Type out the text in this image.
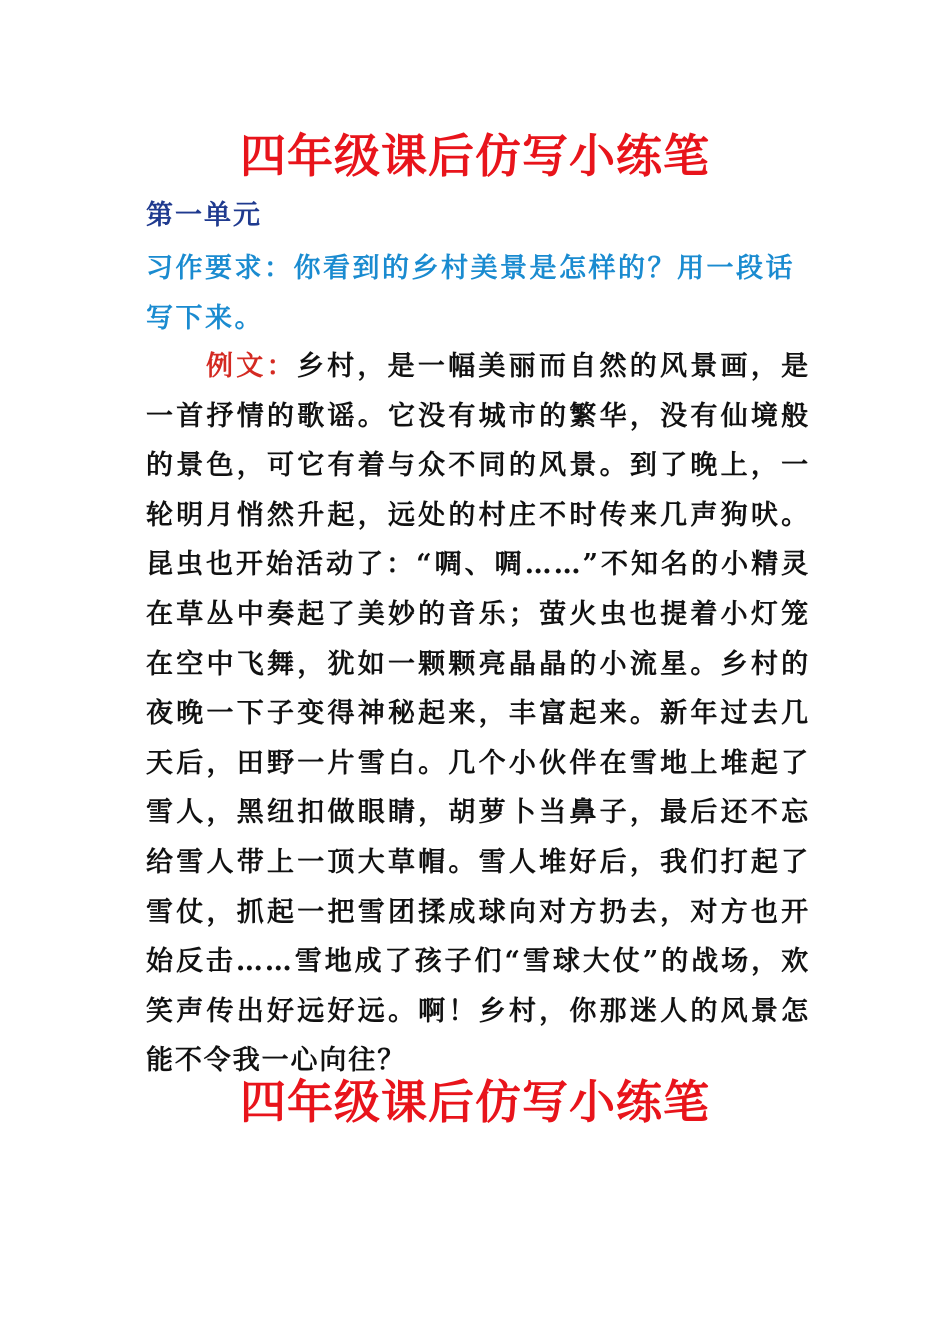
四年级课后仿写小练笔
第一单元
习作要求：你看到的乡村美景是怎样的？用一段话写下来。

例文：乡村，是一幅美丽而自然的风景画，是一首抒情的歌谣。它没有城市的繁华，没有仙境般的景色，可它有着与众不同的风景。到了晚上，一轮明月悄然升起，远处的村庄不时传来几声狗吠。昆虫也开始活动了：“啁、啁……”不知名的小精灵在草丛中奏起了美妙的音乐；萤火虫也提着小灯笼在空中飞舞，犹如一颗颗亮晶晶的小流星。乡村的夜晚一下子变得神秘起来，丰富起来。新年过去几天后，田野一片雪白。几个小伙伴在雪地上堆起了雪人，黑纽扣做眼睛，胡萝卜当鼻子，最后还不忘给雪人带上一顶大草帽。雪人堆好后，我们打起了雪仗，抓起一把雪团揉成球向对方扔去，对方也开始反击……雪地成了孩子们“雪球大仗”的战场，欢笑声传出好远好远。啊！乡村，你那迷人的风景怎能不令我一心向往？

四年级课后仿写小练笔
